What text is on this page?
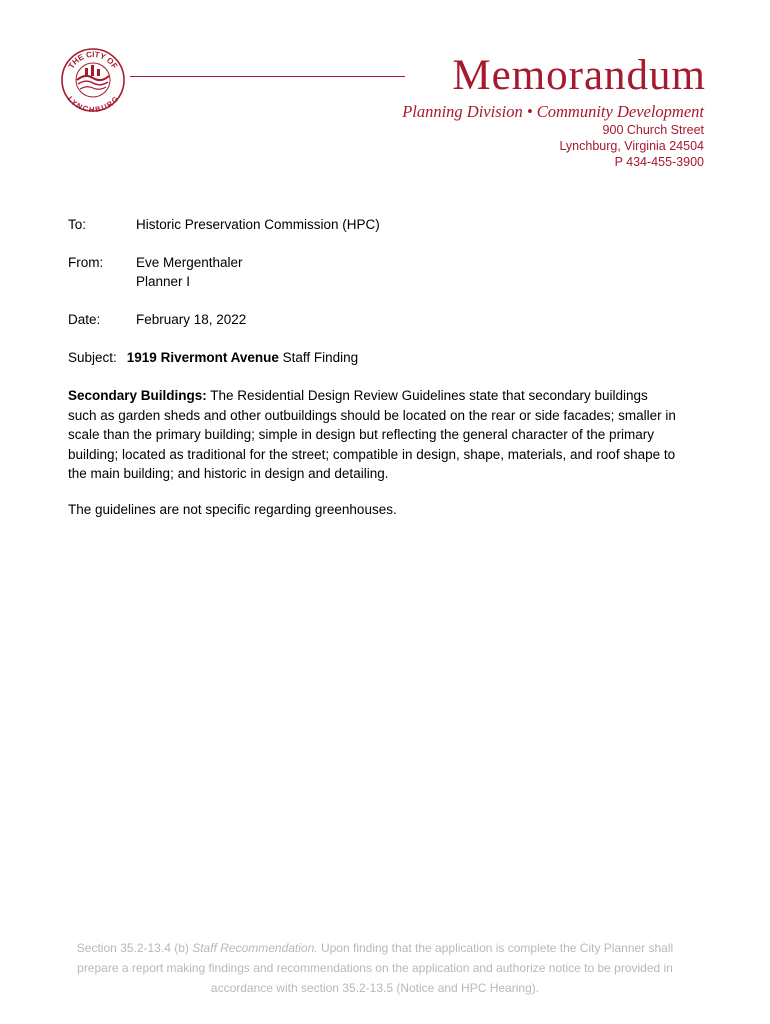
THE CITY OF
LYNCHBURG
Memorandum
Planning Division • Community Development
900 Church Street
Lynchburg, Virginia 24504
P 434-455-3900
To:	Historic Preservation Commission (HPC)
From: Eve Mergenthaler
Planner I
Date:	February 18, 2022
Subject: 1919 Rivermont Avenue Staff Finding
Secondary Buildings: The Residential Design Review Guidelines state that secondary buildings such as garden sheds and other outbuildings should be located on the rear or side facades; smaller in scale than the primary building; simple in design but reflecting the general character of the primary building; located as traditional for the street; compatible in design, shape, materials, and roof shape to the main building; and historic in design and detailing.
The guidelines are not specific regarding greenhouses.
Section 35.2-13.4 (b) Staff Recommendation. Upon finding that the application is complete the City Planner shall prepare a report making findings and recommendations on the application and authorize notice to be provided in accordance with section 35.2-13.5 (Notice and HPC Hearing).
